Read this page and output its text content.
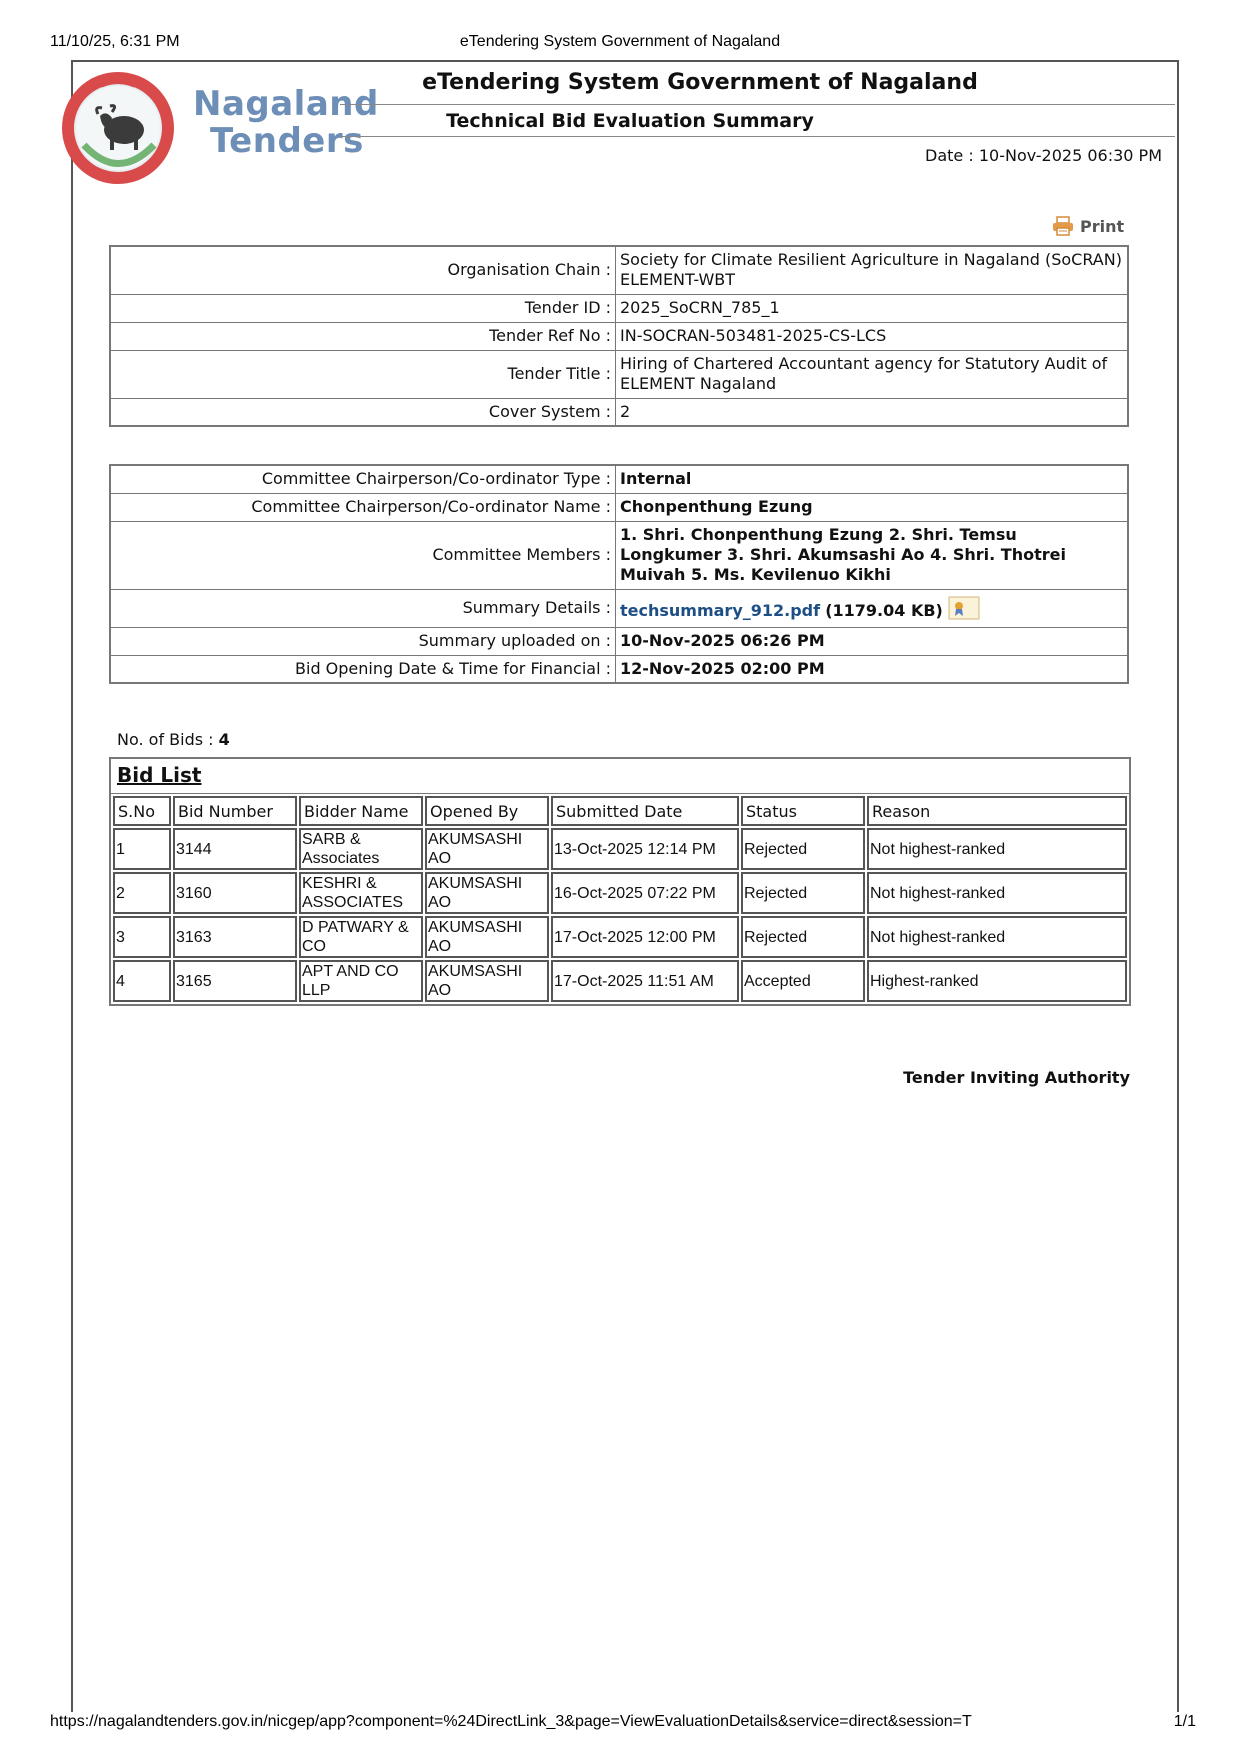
11/10/25, 6:31 PM	eTendering System Government of Nagaland
https://nagalandtenders.gov.in/nicgep/app?component=%24DirectLink_3&page=ViewEvaluationDetails&service=direct&session=T	1/1
Nagaland
Tenders
eTendering System Government of Nagaland
Technical Bid Evaluation Summary
Date : 10-Nov-2025 06:30 PM
Print
Organisation Chain :	Society for Climate Resilient Agriculture in Nagaland (SoCRAN) ELEMENT-WBT
Tender ID :	2025_SoCRN_785_1
Tender Ref No :	IN-SOCRAN-503481-2025-CS-LCS
Tender Title :	Hiring of Chartered Accountant agency for Statutory Audit of ELEMENT Nagaland
Cover System :	2
Committee Chairperson/Co-ordinator Type :	Internal
Committee Chairperson/Co-ordinator Name :	Chonpenthung Ezung
Committee Members :	1. Shri. Chonpenthung Ezung 2. Shri. Temsu Longkumer 3. Shri. Akumsashi Ao 4. Shri. Thotrei Muivah 5. Ms. Kevilenuo Kikhi
Summary Details :	techsummary_912.pdf (1179.04 KB)
Summary uploaded on :	10-Nov-2025 06:26 PM
Bid Opening Date & Time for Financial :	12-Nov-2025 02:00 PM
No. of Bids : 4
Bid List
S.No	Bid Number	Bidder Name	Opened By	Submitted Date	Status	Reason
1	3144	SARB & Associates	AKUMSASHI AO	13-Oct-2025 12:14 PM	Rejected	Not highest-ranked
2	3160	KESHRI & ASSOCIATES	AKUMSASHI AO	16-Oct-2025 07:22 PM	Rejected	Not highest-ranked
3	3163	D PATWARY & CO	AKUMSASHI AO	17-Oct-2025 12:00 PM	Rejected	Not highest-ranked
4	3165	APT AND CO LLP	AKUMSASHI AO	17-Oct-2025 11:51 AM	Accepted	Highest-ranked
Tender Inviting Authority
